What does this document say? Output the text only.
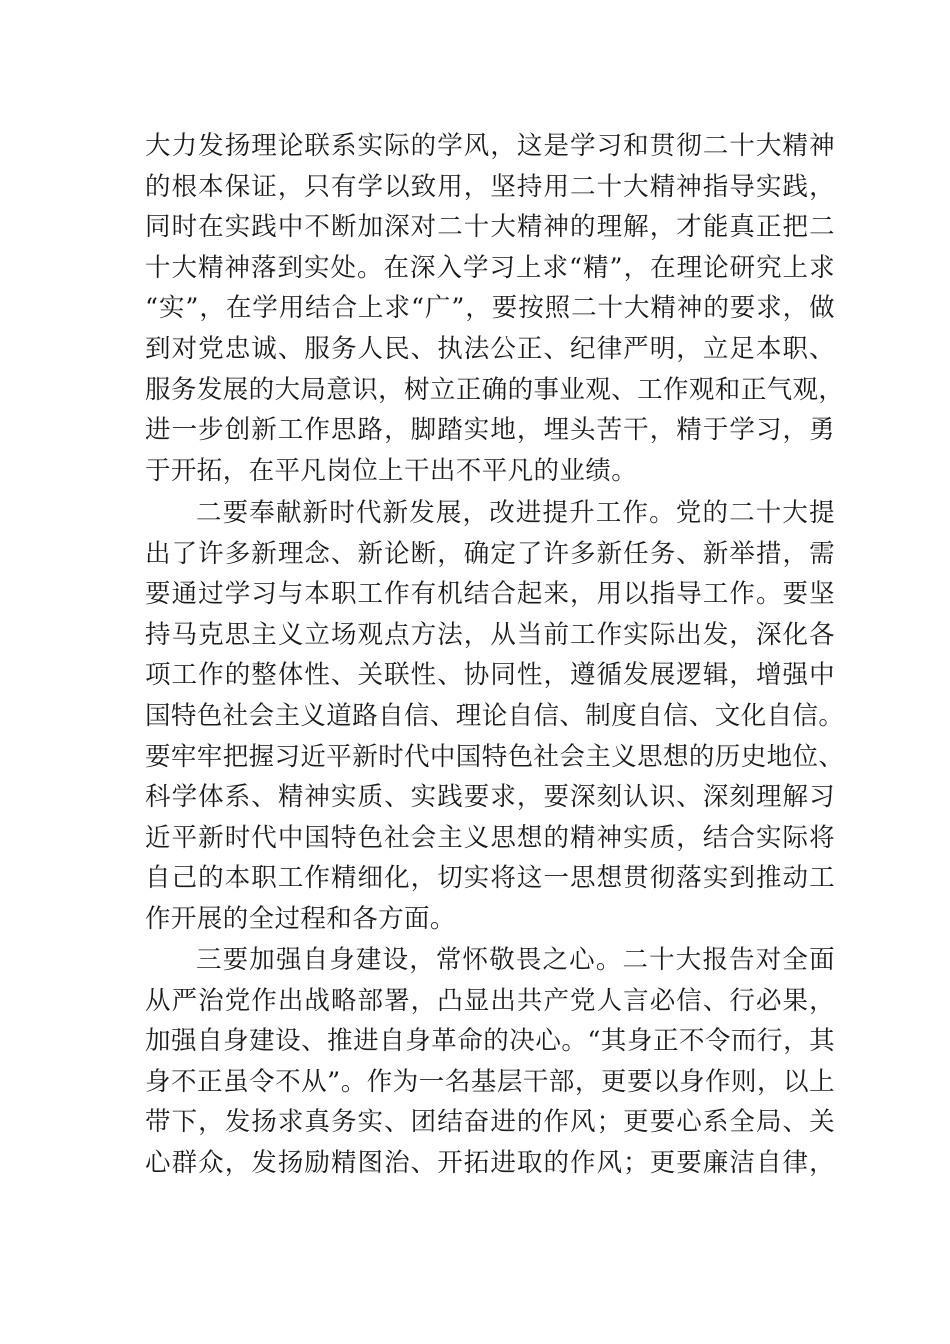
大力发扬理论联系实际的学风，这是学习和贯彻二十大精神
的根本保证，只有学以致用，坚持用二十大精神指导实践，
同时在实践中不断加深对二十大精神的理解，才能真正把二
十大精神落到实处。在深入学习上求“精”，在理论研究上求
“实”，在学用结合上求“广”，要按照二十大精神的要求，做
到对党忠诚、服务人民、执法公正、纪律严明，立足本职、
服务发展的大局意识，树立正确的事业观、工作观和正气观，
进一步创新工作思路，脚踏实地，埋头苦干，精于学习，勇
于开拓，在平凡岗位上干出不平凡的业绩。
二要奉献新时代新发展，改进提升工作。党的二十大提
出了许多新理念、新论断，确定了许多新任务、新举措，需
要通过学习与本职工作有机结合起来，用以指导工作。要坚
持马克思主义立场观点方法，从当前工作实际出发，深化各
项工作的整体性、关联性、协同性，遵循发展逻辑，增强中
国特色社会主义道路自信、理论自信、制度自信、文化自信。
要牢牢把握习近平新时代中国特色社会主义思想的历史地位、
科学体系、精神实质、实践要求，要深刻认识、深刻理解习
近平新时代中国特色社会主义思想的精神实质，结合实际将
自己的本职工作精细化，切实将这一思想贯彻落实到推动工
作开展的全过程和各方面。
三要加强自身建设，常怀敬畏之心。二十大报告对全面
从严治党作出战略部署，凸显出共产党人言必信、行必果，
加强自身建设、推进自身革命的决心。“其身正不令而行，其
身不正虽令不从”。作为一名基层干部，更要以身作则，以上
带下，发扬求真务实、团结奋进的作风；更要心系全局、关
心群众，发扬励精图治、开拓进取的作风；更要廉洁自律，
